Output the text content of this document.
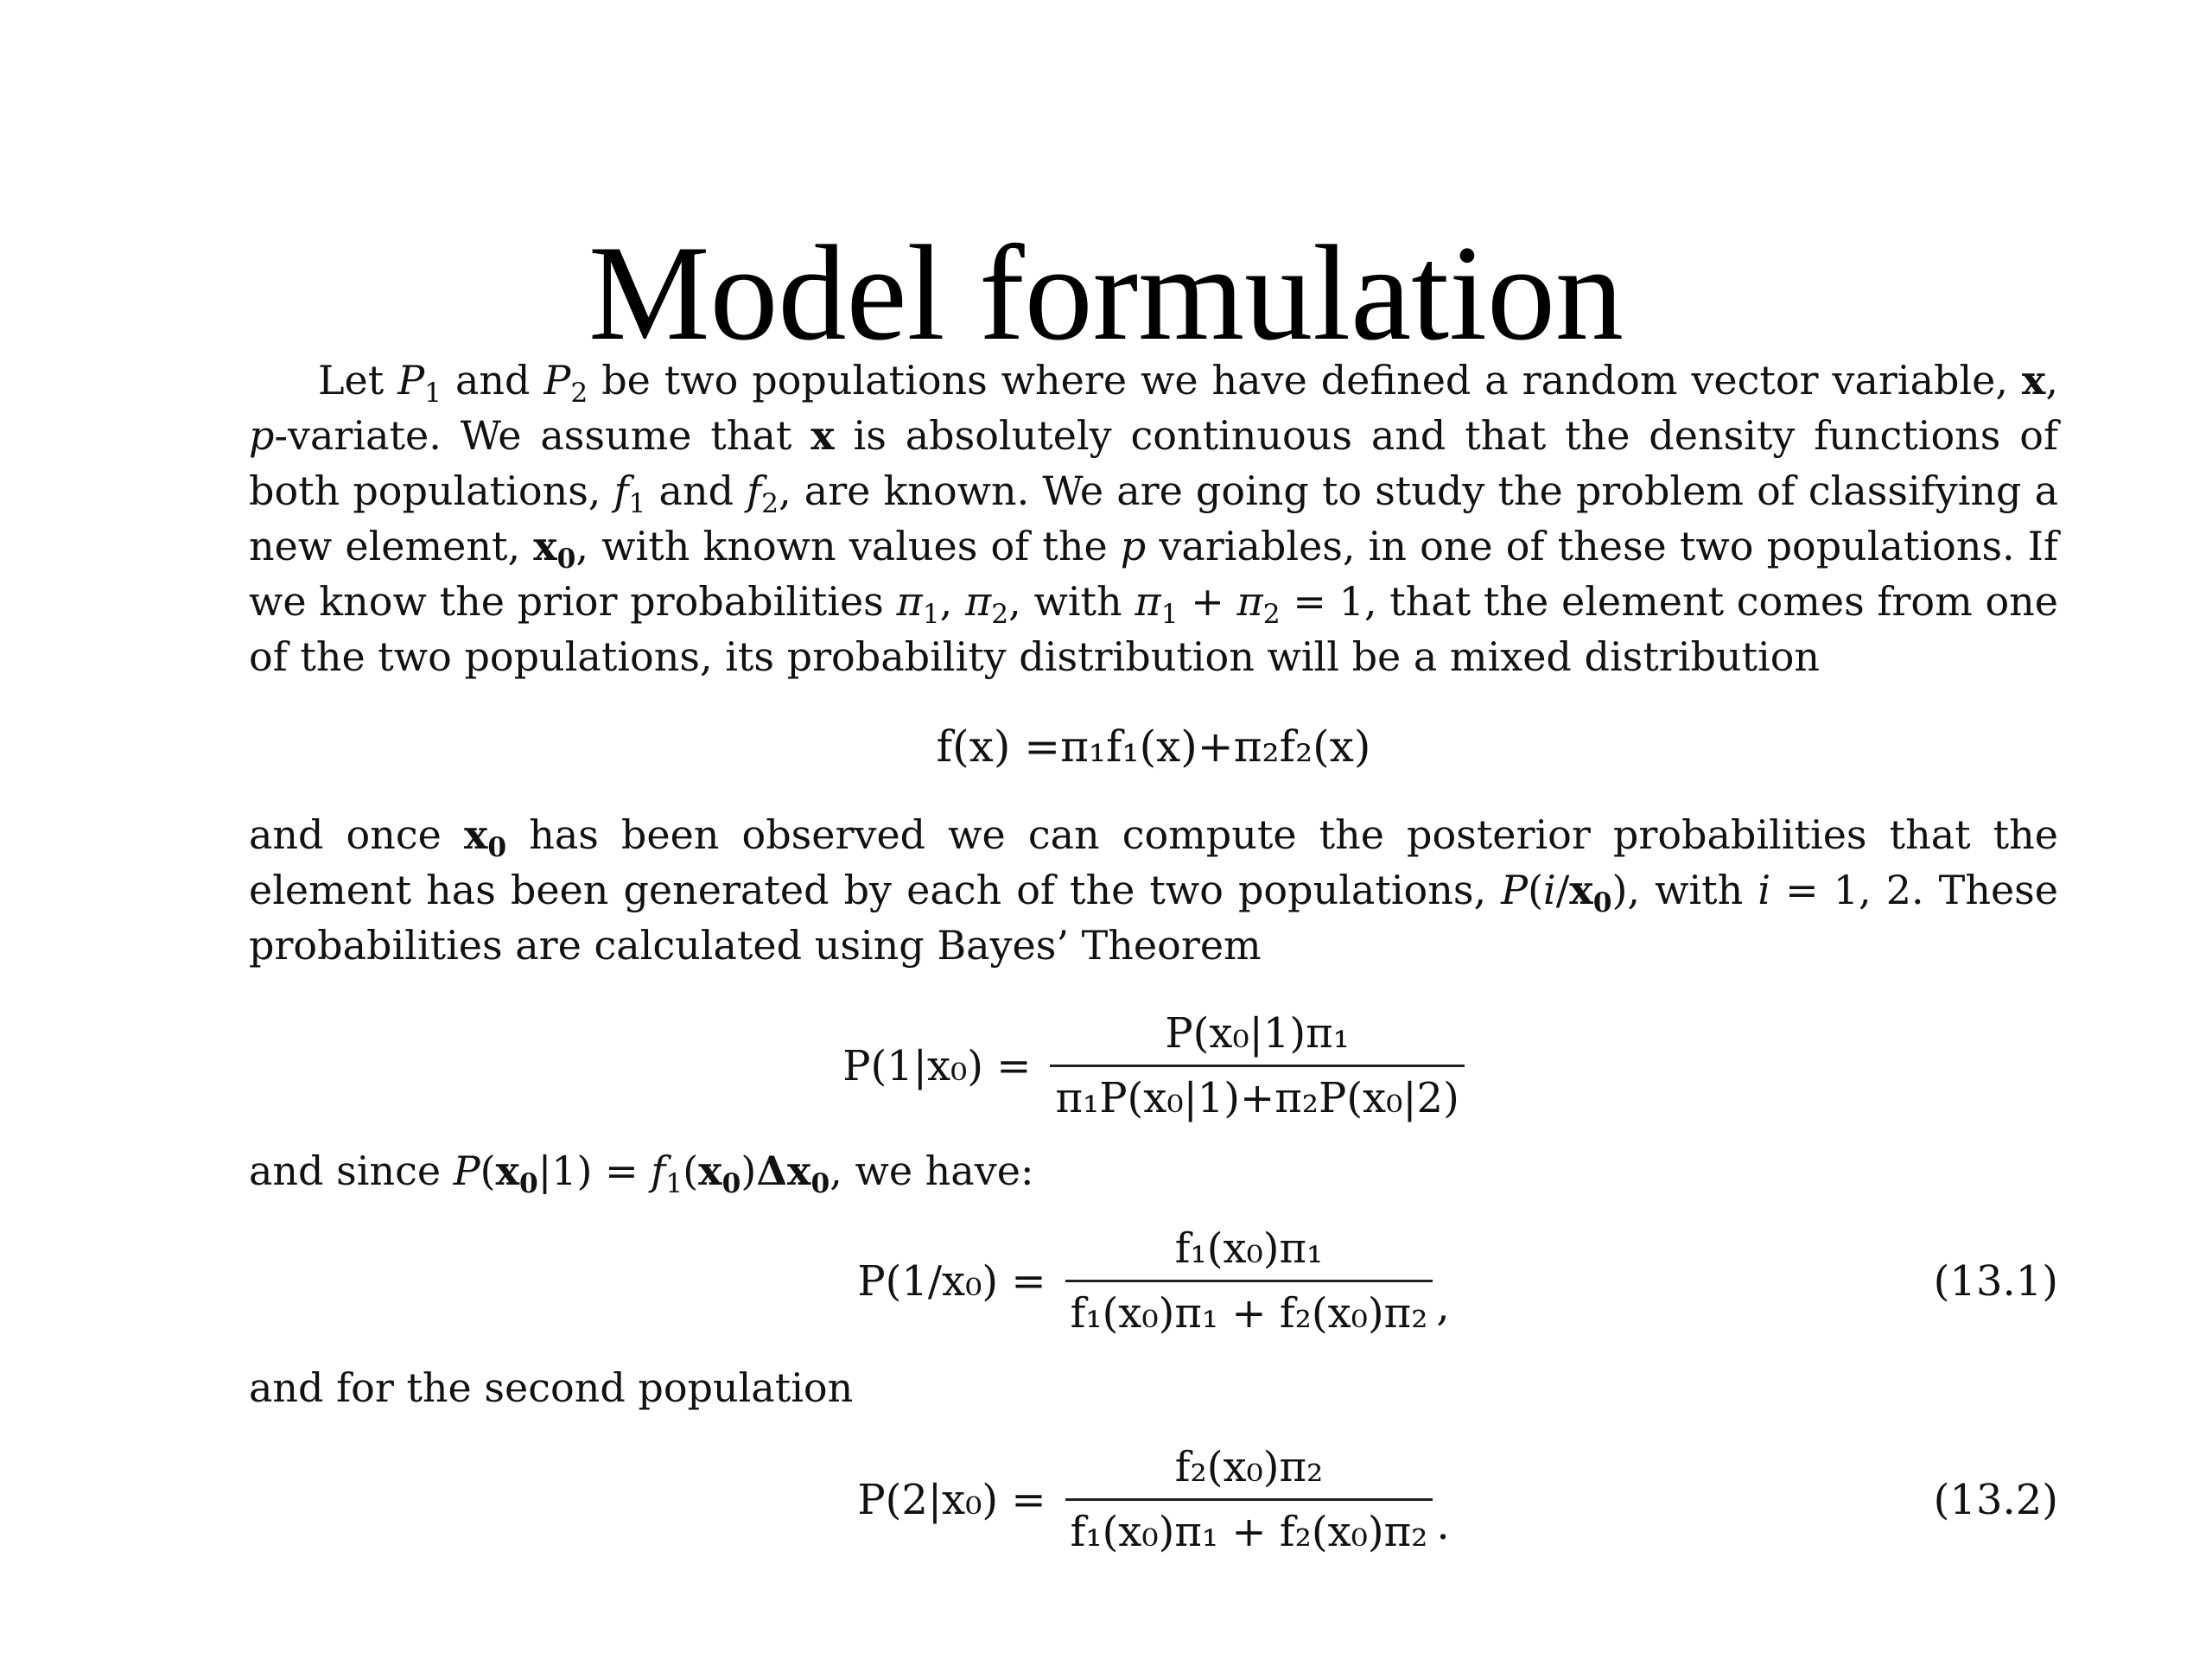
Model formulation

Let $P_1$ and $P_2$ be two populations where we have defined a random vector variable, x, p-variate. We assume that x is absolutely continuous and that the density functions of both populations, $f_1$ and $f_2$, are known. We are going to study the problem of classifying a new element, $x_0$, with known values of the p variables, in one of these two populations. If we know the prior probabilities $\pi_1$, $\pi_2$, with $\pi_1 + \pi_2 = 1$, that the element comes from one of the two populations, its probability distribution will be a mixed distribution

f(x) =π₁f₁(x)+π₂f₂(x)

and once $x_0$ has been observed we can compute the posterior probabilities that the element has been generated by each of the two populations, $P(i/x_0)$, with i = 1, 2. These probabilities are calculated using Bayes’ Theorem

$P(1|x_0) = \frac{\text{P(x₀|1)π₁}}{\text{π₁P(x₀|1)+π₂P(x₀|2)}}$

and since $P(x_0|1) = f_1(x_0)\Delta x_0$, we have:

$P(1/x_0) = \frac{\text{f₁(x₀)π₁}}{\text{f₁(x₀)π₁ + f₂(x₀)π₂}}$ ,
(13.1)

and for the second population

$P(2|x_0) = \frac{\text{f₂(x₀)π₂}}{\text{f₁(x₀)π₁ + f₂(x₀)π₂}}$ .
(13.2)
